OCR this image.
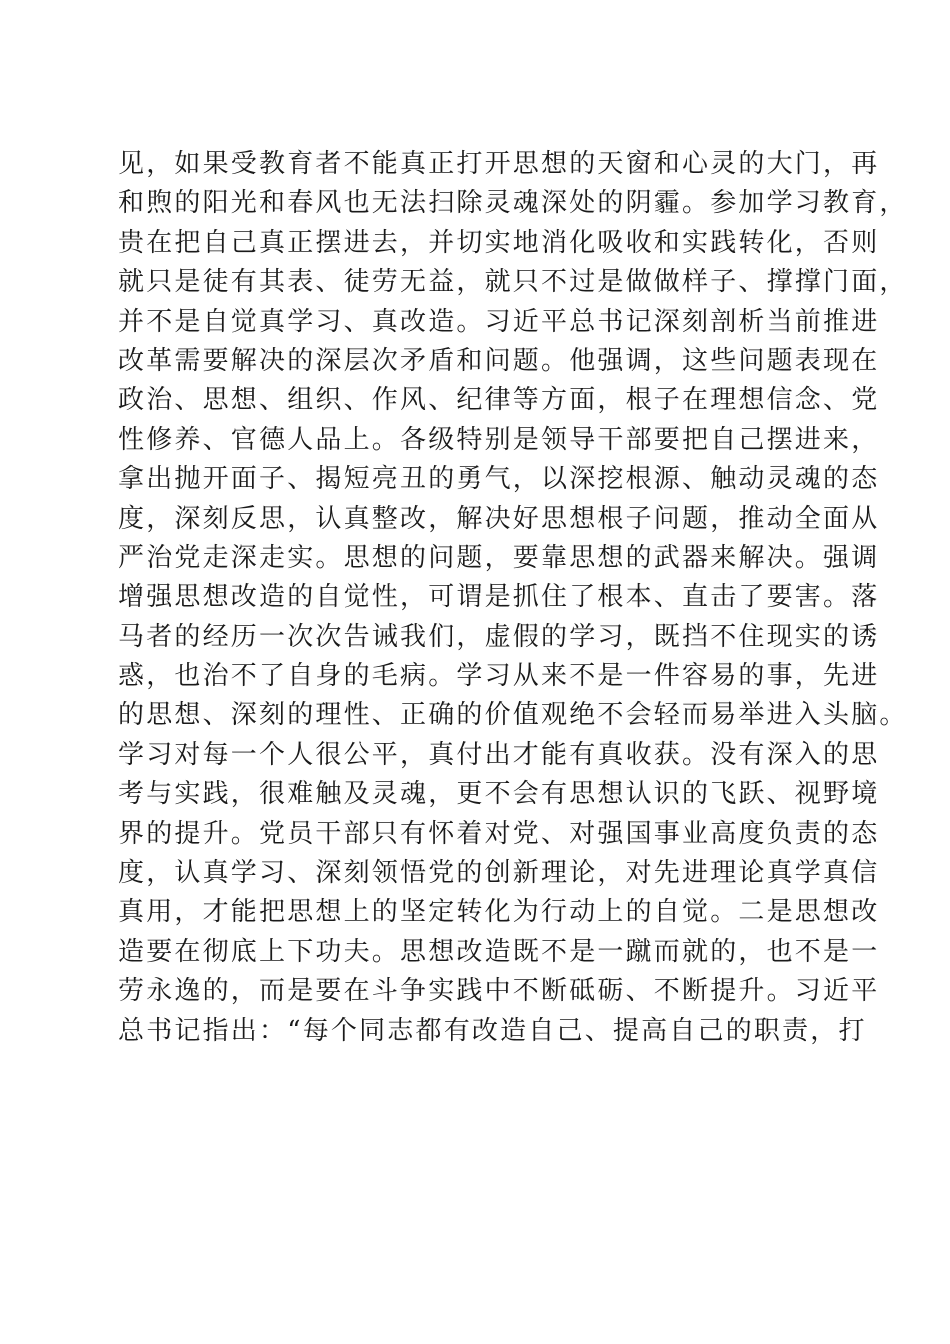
见，如果受教育者不能真正打开思想的天窗和心灵的大门，再
和煦的阳光和春风也无法扫除灵魂深处的阴霾。参加学习教育，
贵在把自己真正摆进去，并切实地消化吸收和实践转化，否则
就只是徒有其表、徒劳无益，就只不过是做做样子、撑撑门面，
并不是自觉真学习、真改造。习近平总书记深刻剖析当前推进
改革需要解决的深层次矛盾和问题。他强调，这些问题表现在
政治、思想、组织、作风、纪律等方面，根子在理想信念、党
性修养、官德人品上。各级特别是领导干部要把自己摆进来，
拿出抛开面子、揭短亮丑的勇气，以深挖根源、触动灵魂的态
度，深刻反思，认真整改，解决好思想根子问题，推动全面从
严治党走深走实。思想的问题，要靠思想的武器来解决。强调
增强思想改造的自觉性，可谓是抓住了根本、直击了要害。落
马者的经历一次次告诫我们，虚假的学习，既挡不住现实的诱
惑，也治不了自身的毛病。学习从来不是一件容易的事，先进
的思想、深刻的理性、正确的价值观绝不会轻而易举进入头脑。
学习对每一个人很公平，真付出才能有真收获。没有深入的思
考与实践，很难触及灵魂，更不会有思想认识的飞跃、视野境
界的提升。党员干部只有怀着对党、对强国事业高度负责的态
度，认真学习、深刻领悟党的创新理论，对先进理论真学真信
真用，才能把思想上的坚定转化为行动上的自觉。二是思想改
造要在彻底上下功夫。思想改造既不是一蹴而就的，也不是一
劳永逸的，而是要在斗争实践中不断砥砺、不断提升。习近平
总书记指出：“每个同志都有改造自己、提高自己的职责，打
